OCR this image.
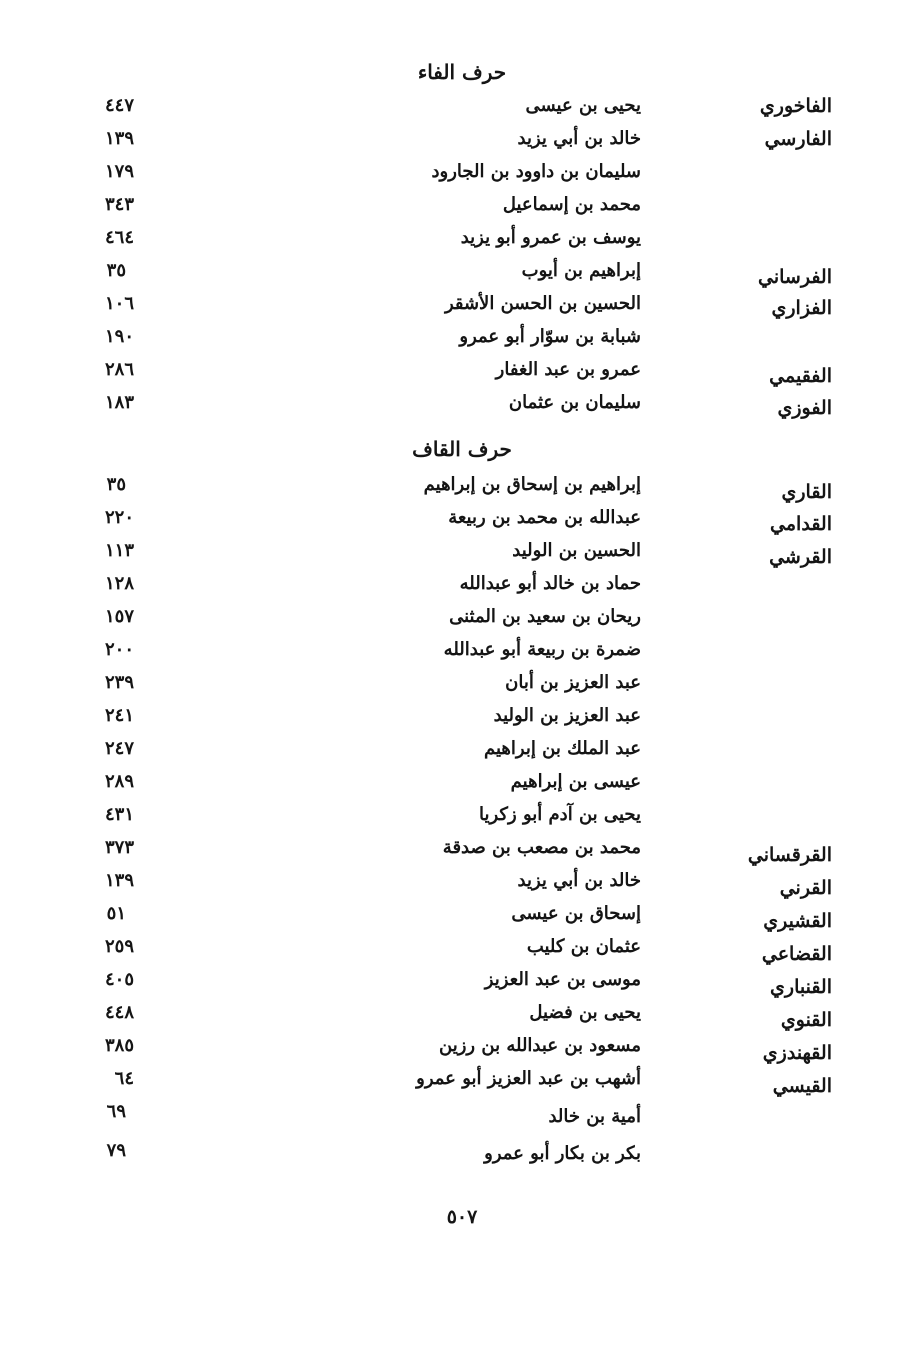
حرف الفاء
الفاخوري
يحيى بن عيسى
٤٤٧
الفارسي
خالد بن أبي يزيد
١٣٩
سليمان بن داوود بن الجارود
١٧٩
محمد بن إسماعيل
٣٤٣
يوسف بن عمرو أبو يزيد
٤٦٤
الفرساني
إبراهيم بن أيوب
٣٥
الفزاري
الحسين بن الحسن الأشقر
١٠٦
شبابة بن سوّار أبو عمرو
١٩٠
الفقيمي
عمرو بن عبد الغفار
٢٨٦
الفوزي
سليمان بن عثمان
١٨٣
حرف القاف
القاري
إبراهيم بن إسحاق بن إبراهيم
٣٥
القدامي
عبدالله بن محمد بن ربيعة
٢٢٠
القرشي
الحسين بن الوليد
١١٣
حماد بن خالد أبو عبدالله
١٢٨
ريحان بن سعيد بن المثنى
١٥٧
ضمرة بن ربيعة أبو عبدالله
٢٠٠
عبد العزيز بن أبان
٢٣٩
عبد العزيز بن الوليد
٢٤١
عبد الملك بن إبراهيم
٢٤٧
عيسى بن إبراهيم
٢٨٩
يحيى بن آدم أبو زكريا
٤٣١
القرقساني
محمد بن مصعب بن صدقة
٣٧٣
القرني
خالد بن أبي يزيد
١٣٩
القشيري
إسحاق بن عيسى
٥١
القضاعي
عثمان بن كليب
٢٥٩
القنباري
موسى بن عبد العزيز
٤٠٥
القنوي
يحيى بن فضيل
٤٤٨
القهندزي
مسعود بن عبدالله بن رزين
٣٨٥
القيسي
أشهب بن عبد العزيز أبو عمرو
٦٤
أمية بن خالد
٦٩
بكر بن بكار أبو عمرو
٧٩
٥٠٧
